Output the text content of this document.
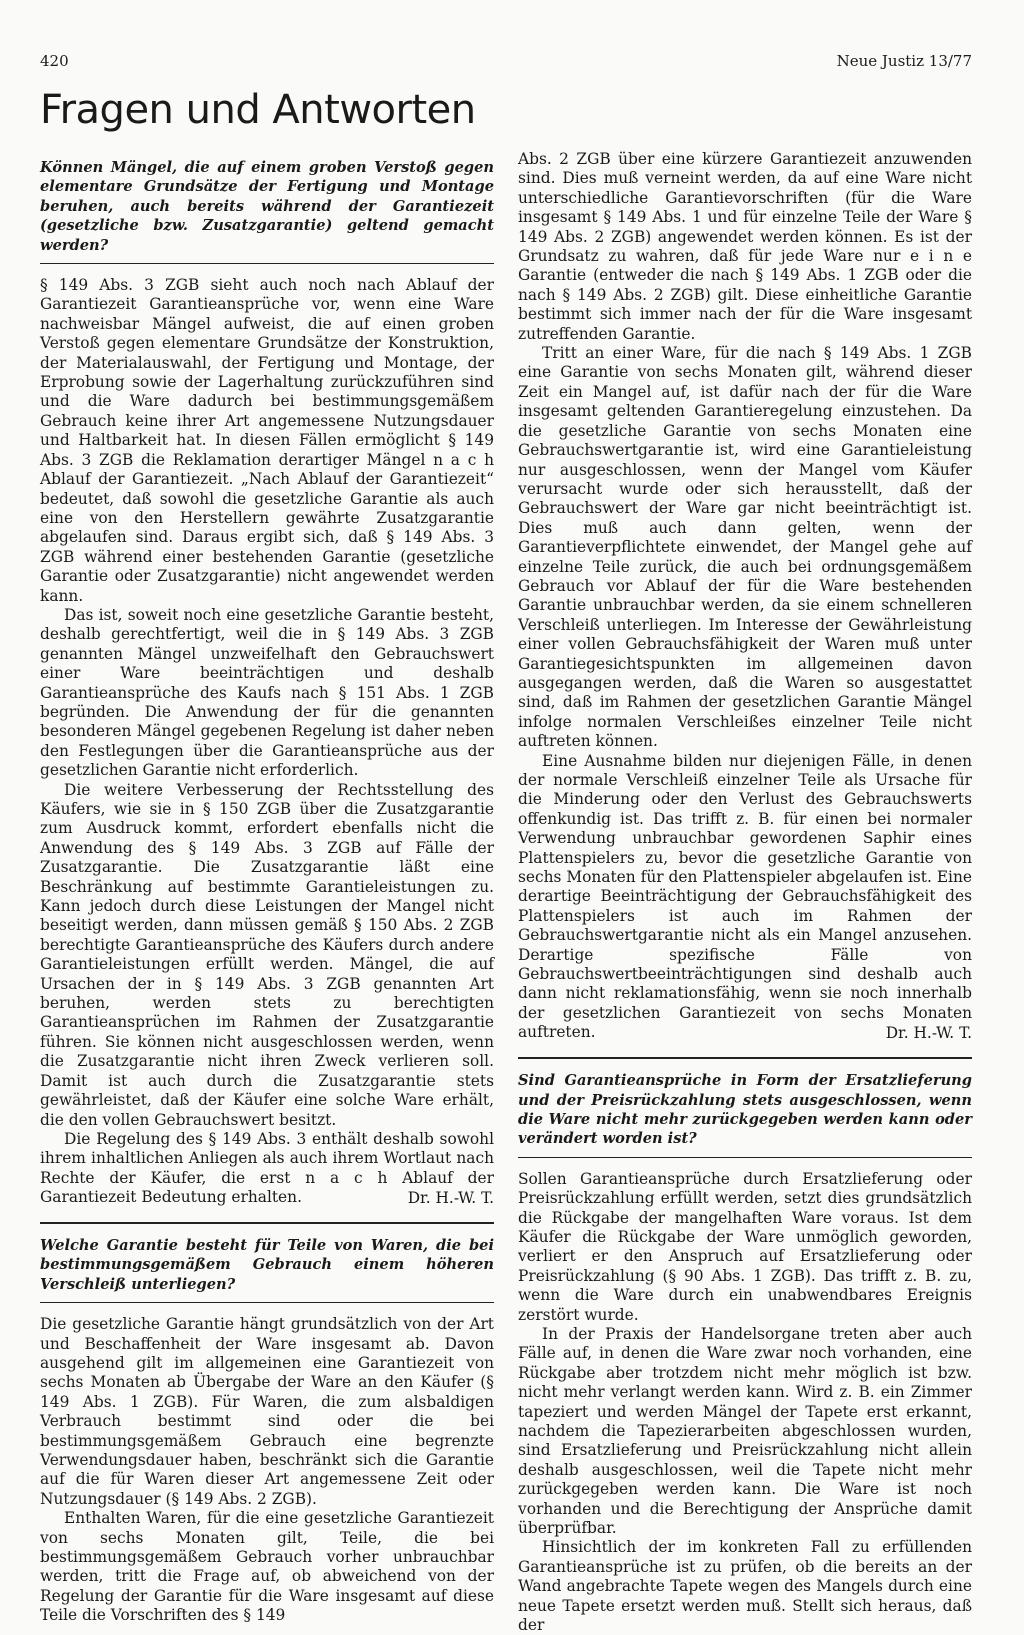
420	Neue Justiz 13/77
Fragen und Antworten

Können Mängel, die auf einem groben Verstoß gegen elementare Grundsätze der Fertigung und Montage beruhen, auch bereits während der Garantiezeit (gesetzliche bzw. Zusatzgarantie) geltend gemacht werden?

§ 149 Abs. 3 ZGB sieht auch noch nach Ablauf der Garantiezeit Garantieansprüche vor, wenn eine Ware nachweisbar Mängel aufweist, die auf einen groben Verstoß gegen elementare Grundsätze der Konstruktion, der Materialauswahl, der Fertigung und Montage, der Erprobung sowie der Lagerhaltung zurückzuführen sind und die Ware dadurch bei bestimmungsgemäßem Gebrauch keine ihrer Art angemessene Nutzungsdauer und Haltbarkeit hat. In diesen Fällen ermöglicht § 149 Abs. 3 ZGB die Reklamation derartiger Mängel n a c h Ablauf der Garantiezeit. „Nach Ablauf der Garantiezeit“ bedeutet, daß sowohl die gesetzliche Garantie als auch eine von den Herstellern gewährte Zusatzgarantie abgelaufen sind. Daraus ergibt sich, daß § 149 Abs. 3 ZGB während einer bestehenden Garantie (gesetzliche Garantie oder Zusatzgarantie) nicht angewendet werden kann.

Das ist, soweit noch eine gesetzliche Garantie besteht, deshalb gerechtfertigt, weil die in § 149 Abs. 3 ZGB genannten Mängel unzweifelhaft den Gebrauchswert einer Ware beeinträchtigen und deshalb Garantieansprüche des Kaufs nach § 151 Abs. 1 ZGB begründen. Die Anwendung der für die genannten besonderen Mängel gegebenen Regelung ist daher neben den Festlegungen über die Garantieansprüche aus der gesetzlichen Garantie nicht erforderlich.

Die weitere Verbesserung der Rechtsstellung des Käufers, wie sie in § 150 ZGB über die Zusatzgarantie zum Ausdruck kommt, erfordert ebenfalls nicht die Anwendung des § 149 Abs. 3 ZGB auf Fälle der Zusatzgarantie. Die Zusatzgarantie läßt eine Beschränkung auf bestimmte Garantieleistungen zu. Kann jedoch durch diese Leistungen der Mangel nicht beseitigt werden, dann müssen gemäß § 150 Abs. 2 ZGB berechtigte Garantieansprüche des Käufers durch andere Garantieleistungen erfüllt werden. Mängel, die auf Ursachen der in § 149 Abs. 3 ZGB genannten Art beruhen, werden stets zu berechtigten Garantieansprüchen im Rahmen der Zusatzgarantie führen. Sie können nicht ausgeschlossen werden, wenn die Zusatzgarantie nicht ihren Zweck verlieren soll. Damit ist auch durch die Zusatzgarantie stets gewährleistet, daß der Käufer eine solche Ware erhält, die den vollen Gebrauchswert besitzt.

Die Regelung des § 149 Abs. 3 enthält deshalb sowohl ihrem inhaltlichen Anliegen als auch ihrem Wortlaut nach Rechte der Käufer, die erst n a c h Ablauf der Garantiezeit Bedeutung erhalten.	Dr. H.-W. T.

Welche Garantie besteht für Teile von Waren, die bei bestimmungsgemäßem Gebrauch einem höheren Verschleiß unterliegen?

Die gesetzliche Garantie hängt grundsätzlich von der Art und Beschaffenheit der Ware insgesamt ab. Davon ausgehend gilt im allgemeinen eine Garantiezeit von sechs Monaten ab Übergabe der Ware an den Käufer (§ 149 Abs. 1 ZGB). Für Waren, die zum alsbaldigen Verbrauch bestimmt sind oder die bei bestimmungsgemäßem Gebrauch eine begrenzte Verwendungsdauer haben, beschränkt sich die Garantie auf die für Waren dieser Art angemessene Zeit oder Nutzungsdauer (§ 149 Abs. 2 ZGB).

Enthalten Waren, für die eine gesetzliche Garantiezeit von sechs Monaten gilt, Teile, die bei bestimmungsgemäßem Gebrauch vorher unbrauchbar werden, tritt die Frage auf, ob abweichend von der Regelung der Garantie für die Ware insgesamt auf diese Teile die Vorschriften des § 149

Abs. 2 ZGB über eine kürzere Garantiezeit anzuwenden sind. Dies muß verneint werden, da auf eine Ware nicht unterschiedliche Garantievorschriften (für die Ware insgesamt § 149 Abs. 1 und für einzelne Teile der Ware § 149 Abs. 2 ZGB) angewendet werden können. Es ist der Grundsatz zu wahren, daß für jede Ware nur e i n e Garantie (entweder die nach § 149 Abs. 1 ZGB oder die nach § 149 Abs. 2 ZGB) gilt. Diese einheitliche Garantie bestimmt sich immer nach der für die Ware insgesamt zutreffenden Garantie.

Tritt an einer Ware, für die nach § 149 Abs. 1 ZGB eine Garantie von sechs Monaten gilt, während dieser Zeit ein Mangel auf, ist dafür nach der für die Ware insgesamt geltenden Garantieregelung einzustehen. Da die gesetzliche Garantie von sechs Monaten eine Gebrauchswertgarantie ist, wird eine Garantieleistung nur ausgeschlossen, wenn der Mangel vom Käufer verursacht wurde oder sich herausstellt, daß der Gebrauchswert der Ware gar nicht beeinträchtigt ist. Dies muß auch dann gelten, wenn der Garantieverpflichtete einwendet, der Mangel gehe auf einzelne Teile zurück, die auch bei ordnungsgemäßem Gebrauch vor Ablauf der für die Ware bestehenden Garantie unbrauchbar werden, da sie einem schnelleren Verschleiß unterliegen. Im Interesse der Gewährleistung einer vollen Gebrauchsfähigkeit der Waren muß unter Garantiegesichtspunkten im allgemeinen davon ausgegangen werden, daß die Waren so ausgestattet sind, daß im Rahmen der gesetzlichen Garantie Mängel infolge normalen Verschleißes einzelner Teile nicht auftreten können.

Eine Ausnahme bilden nur diejenigen Fälle, in denen der normale Verschleiß einzelner Teile als Ursache für die Minderung oder den Verlust des Gebrauchswerts offenkundig ist. Das trifft z. B. für einen bei normaler Verwendung unbrauchbar gewordenen Saphir eines Plattenspielers zu, bevor die gesetzliche Garantie von sechs Monaten für den Plattenspieler abgelaufen ist. Eine derartige Beeinträchtigung der Gebrauchsfähigkeit des Plattenspielers ist auch im Rahmen der Gebrauchswertgarantie nicht als ein Mangel anzusehen. Derartige spezifische Fälle von Gebrauchswertbeeinträchtigungen sind deshalb auch dann nicht reklamationsfähig, wenn sie noch innerhalb der gesetzlichen Garantiezeit von sechs Monaten auftreten.	Dr. H.-W. T.

Sind Garantieansprüche in Form der Ersatzlieferung und der Preisrückzahlung stets ausgeschlossen, wenn die Ware nicht mehr zurückgegeben werden kann oder verändert worden ist?

Sollen Garantieansprüche durch Ersatzlieferung oder Preisrückzahlung erfüllt werden, setzt dies grundsätzlich die Rückgabe der mangelhaften Ware voraus. Ist dem Käufer die Rückgabe der Ware unmöglich geworden, verliert er den Anspruch auf Ersatzlieferung oder Preisrückzahlung (§ 90 Abs. 1 ZGB). Das trifft z. B. zu, wenn die Ware durch ein unabwendbares Ereignis zerstört wurde.

In der Praxis der Handelsorgane treten aber auch Fälle auf, in denen die Ware zwar noch vorhanden, eine Rückgabe aber trotzdem nicht mehr möglich ist bzw. nicht mehr verlangt werden kann. Wird z. B. ein Zimmer tapeziert und werden Mängel der Tapete erst erkannt, nachdem die Tapezierarbeiten abgeschlossen wurden, sind Ersatzlieferung und Preisrückzahlung nicht allein deshalb ausgeschlossen, weil die Tapete nicht mehr zurückgegeben werden kann. Die Ware ist noch vorhanden und die Berechtigung der Ansprüche damit überprüfbar.

Hinsichtlich der im konkreten Fall zu erfüllenden Garantieansprüche ist zu prüfen, ob die bereits an der Wand angebrachte Tapete wegen des Mangels durch eine neue Tapete ersetzt werden muß. Stellt sich heraus, daß der
